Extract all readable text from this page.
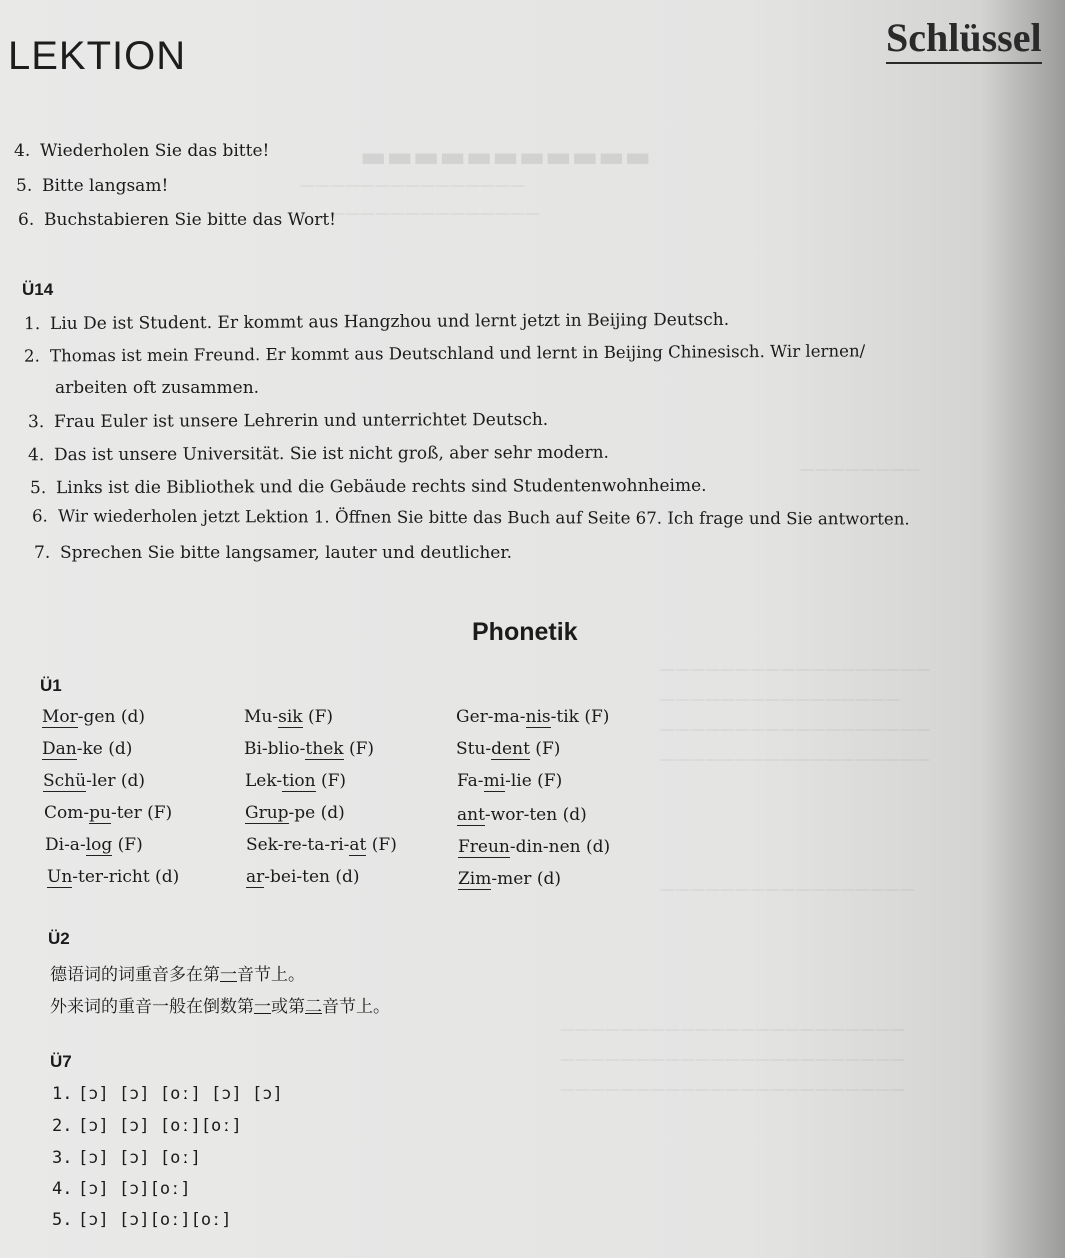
▬▬▬▬▬▬▬▬▬▬▬
———————————————
——————————————
————————
——————————————————
————————————————
——————————————————
——————————————————
—————————————————
———————————————————————
———————————————————————
———————————————————————
LEKTION	Schlüssel
4. Wiederholen Sie das bitte!
5. Bitte langsam!
6. Buchstabieren Sie bitte das Wort!
Ü14
1. Liu De ist Student. Er kommt aus Hangzhou und lernt jetzt in Beijing Deutsch.
2. Thomas ist mein Freund. Er kommt aus Deutschland und lernt in Beijing Chinesisch. Wir lernen/
arbeiten oft zusammen.
3. Frau Euler ist unsere Lehrerin und unterrichtet Deutsch.
4. Das ist unsere Universität. Sie ist nicht groß, aber sehr modern.
5. Links ist die Bibliothek und die Gebäude rechts sind Studentenwohnheime.
6. Wir wiederholen jetzt Lektion 1. Öffnen Sie bitte das Buch auf Seite 67. Ich frage und Sie antworten.
7. Sprechen Sie bitte langsamer, lauter und deutlicher.
Phonetik
Ü1
Mor-gen (d)
Dan-ke (d)
Schü-ler (d)
Com-pu-ter (F)
Di-a-log (F)
Un-ter-richt (d)
Mu-sik (F)
Bi-blio-thek (F)
Lek-tion (F)
Grup-pe (d)
Sek-re-ta-ri-at (F)
ar-bei-ten (d)
Ger-ma-nis-tik (F)
Stu-dent (F)
Fa-mi-lie (F)
ant-wor-ten (d)
Freun-din-nen (d)
Zim-mer (d)
Ü2
德语词的词重音多在第一音节上。
外来词的重音一般在倒数第一或第二音节上。
Ü7
1. [ɔ] [ɔ] [oː] [ɔ] [ɔ]
2. [ɔ] [ɔ] [oː][oː]
3. [ɔ] [ɔ] [oː]
4. [ɔ] [ɔ][oː]
5. [ɔ] [ɔ][oː][oː]
